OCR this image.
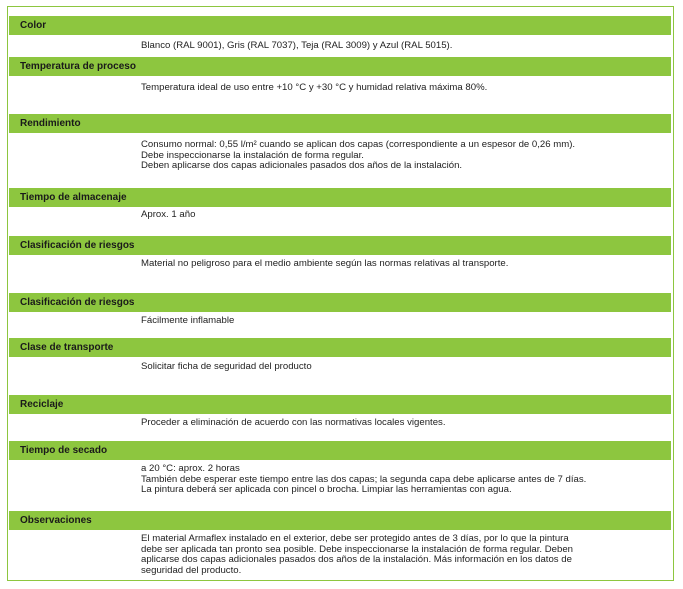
Color
Blanco (RAL 9001), Gris (RAL 7037), Teja (RAL 3009) y Azul (RAL 5015).
Temperatura de proceso
Temperatura ideal de uso entre +10 °C y +30 °C y humidad relativa máxima 80%.
Rendimiento
Consumo normal: 0,55 l/m² cuando se aplican dos capas (correspondiente a un espesor de 0,26 mm).
Debe inspeccionarse la instalación de forma regular.
Deben aplicarse dos capas adicionales pasados dos años de la instalación.
Tiempo de almacenaje
Aprox. 1 año
Clasificación de riesgos
Material no peligroso para el medio ambiente según las normas relativas al transporte.
Clasificación de riesgos
Fácilmente inflamable
Clase de transporte
Solicitar ficha de seguridad del producto
Reciclaje
Proceder a eliminación de acuerdo con las normativas locales vigentes.
Tiempo de secado
a 20 °C: aprox. 2 horas
También debe esperar este tiempo entre las dos capas; la segunda capa debe aplicarse antes de 7 días.
La pintura deberá ser aplicada con pincel o brocha. Limpiar las herramientas con agua.
Observaciones
El material Armaflex instalado en el exterior, debe ser protegido antes de 3 días, por lo que la pintura
debe ser aplicada tan pronto sea posible. Debe inspeccionarse la instalación de forma regular. Deben
aplicarse dos capas adicionales pasados dos años de la instalación. Más información en los datos de
seguridad del producto.
